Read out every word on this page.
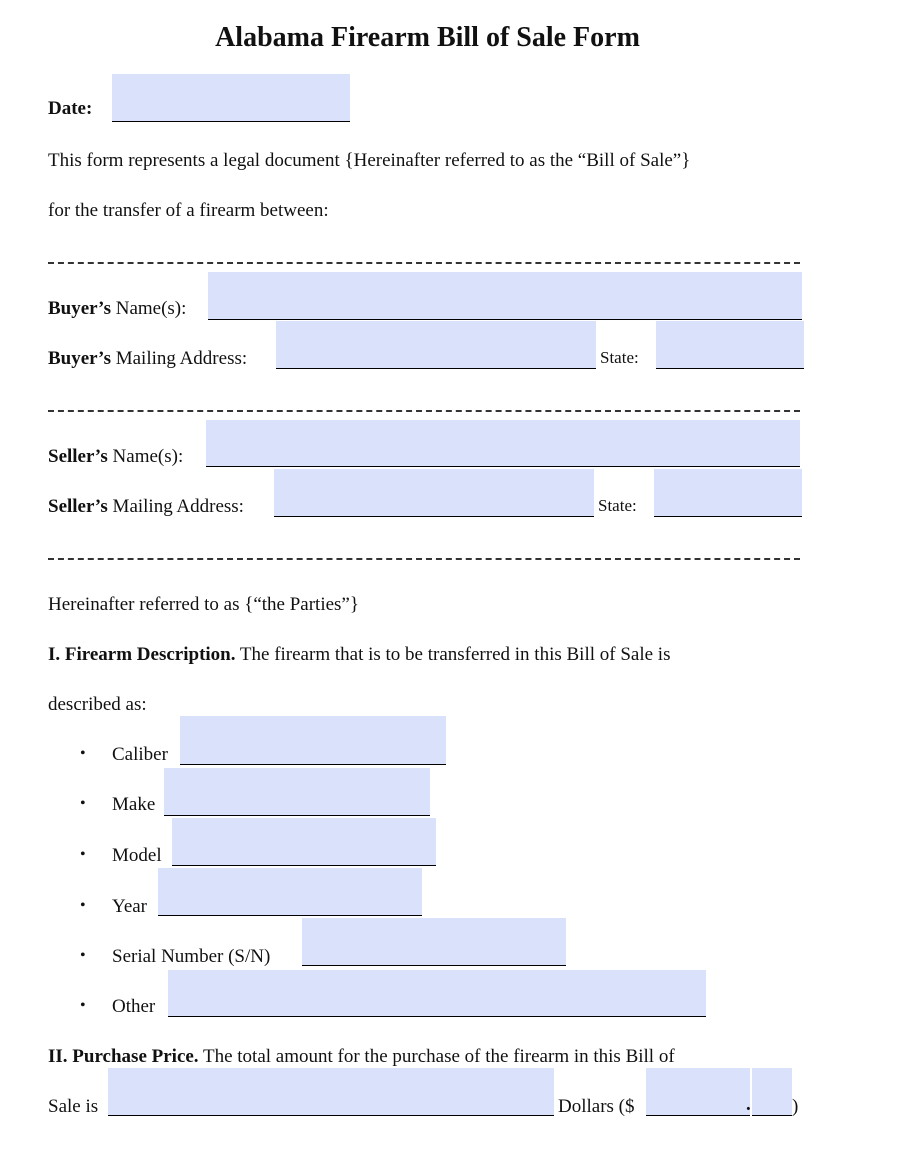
Alabama Firearm Bill of Sale Form
Date:
This form represents a legal document {Hereinafter referred to as the “Bill of Sale”}
for the transfer of a firearm between:
Buyer’s Name(s):
Buyer’s Mailing Address:	State:
Seller’s Name(s):
Seller’s Mailing Address:	State:
Hereinafter referred to as {“the Parties”}
I. Firearm Description. The firearm that is to be transferred in this Bill of Sale is
described as:
• Caliber
• Make
• Model
• Year
• Serial Number (S/N)
• Other
II. Purchase Price. The total amount for the purchase of the firearm in this Bill of
Sale is	Dollars ($	. )
